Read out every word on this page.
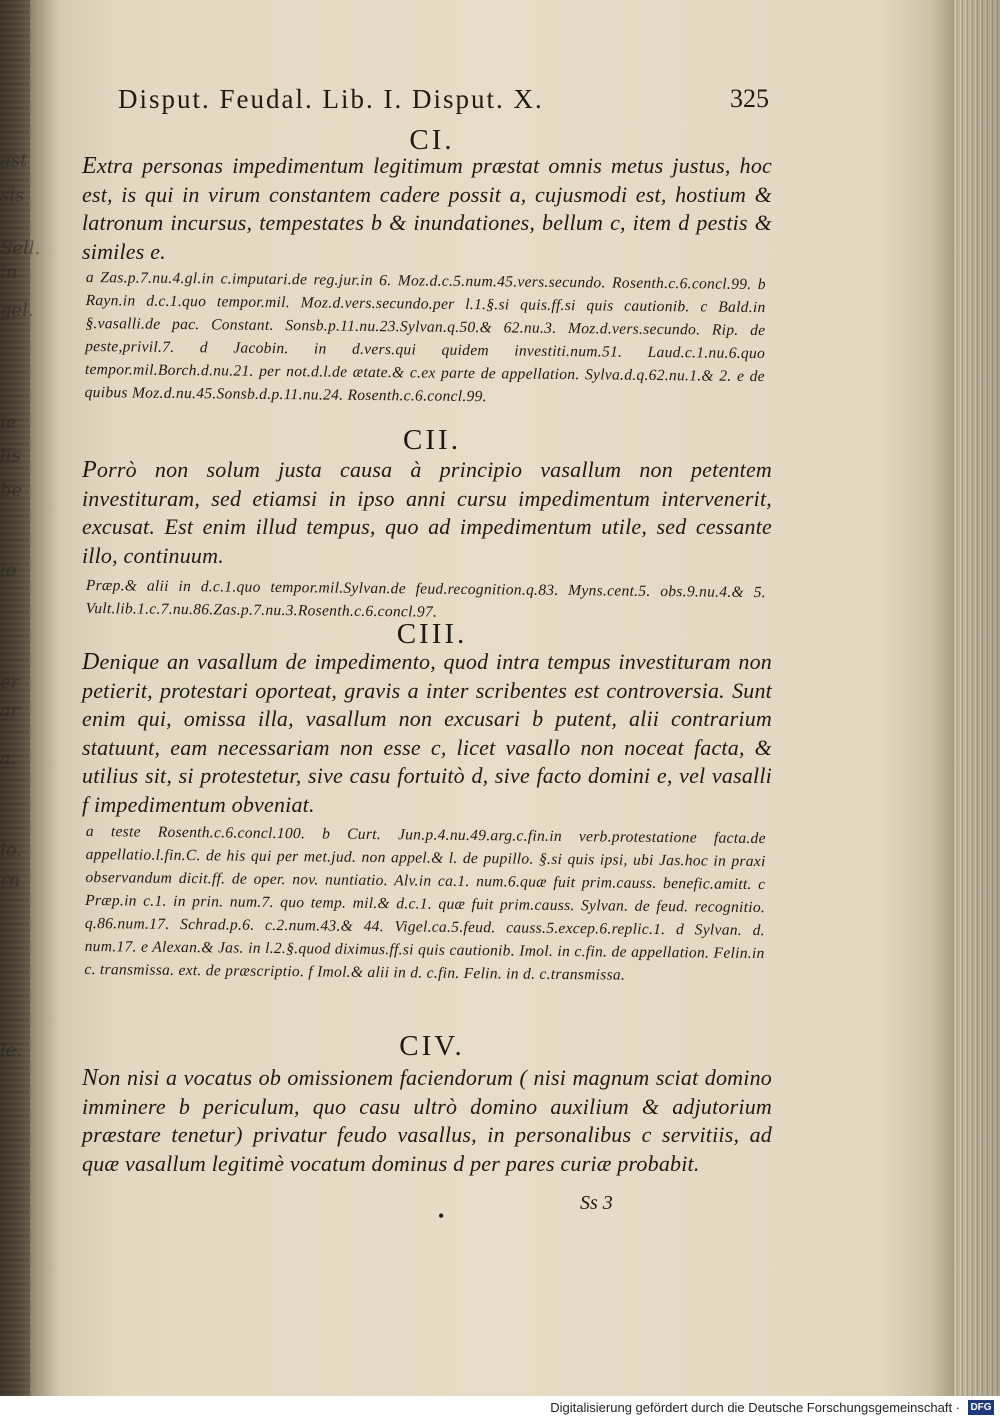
ast
sis
Sell.
in
gel.
ie
lis
be
iø
er
ar
a.
lo.
rn
le.
Disput. Feudal. Lib. I. Disput. X.	325
CI.
Extra personas impedimentum legitimum præstat omnis metus justus, hoc est, is qui in virum constantem cadere possit a, cujusmodi est, hostium & latronum incursus, tempestates b & inundationes, bellum c, item d pestis & similes e.
a Zas.p.7.nu.4.gl.in c.imputari.de reg.jur.in 6. Moz.d.c.5.num.45.vers.secundo. Rosenth.c.6.concl.99. b Rayn.in d.c.1.quo tempor.mil. Moz.d.vers.secundo.per l.1.§.si quis.ff.si quis cautionib. c Bald.in §.vasalli.de pac. Constant. Sonsb.p.11.nu.23.Sylvan.q.50.& 62.nu.3. Moz.d.vers.secundo. Rip. de peste,privil.7. d Jacobin. in d.vers.qui quidem investiti.num.51. Laud.c.1.nu.6.quo tempor.mil.Borch.d.nu.21. per not.d.l.de ætate.& c.ex parte de appellation. Sylva.d.q.62.nu.1.& 2. e de quibus Moz.d.nu.45.Sonsb.d.p.11.nu.24. Rosenth.c.6.concl.99.
CII.
Porrò non solum justa causa à principio vasallum non petentem investituram, sed etiamsi in ipso anni cursu impedimentum intervenerit, excusat. Est enim illud tempus, quo ad impedimentum utile, sed cessante illo, continuum.
Præp.& alii in d.c.1.quo tempor.mil.Sylvan.de feud.recognition.q.83. Myns.cent.5. obs.9.nu.4.& 5. Vult.lib.1.c.7.nu.86.Zas.p.7.nu.3.Rosenth.c.6.concl.97.
CIII.
Denique an vasallum de impedimento, quod intra tempus investituram non petierit, protestari oporteat, gravis a inter scribentes est controversia. Sunt enim qui, omissa illa, vasallum non excusari b putent, alii contrarium statuunt, eam necessariam non esse c, licet vasallo non noceat facta, & utilius sit, si protestetur, sive casu fortuitò d, sive facto domini e, vel vasalli f impedimentum obveniat.
a teste Rosenth.c.6.concl.100. b Curt. Jun.p.4.nu.49.arg.c.fin.in verb.protestatione facta.de appellatio.l.fin.C. de his qui per met.jud. non appel.& l. de pupillo. §.si quis ipsi, ubi Jas.hoc in praxi observandum dicit.ff. de oper. nov. nuntiatio. Alv.in ca.1. num.6.quæ fuit prim.causs. benefic.amitt. c Præp.in c.1. in prin. num.7. quo temp. mil.& d.c.1. quæ fuit prim.causs. Sylvan. de feud. recognitio. q.86.num.17. Schrad.p.6. c.2.num.43.& 44. Vigel.ca.5.feud. causs.5.excep.6.replic.1. d Sylvan. d. num.17. e Alexan.& Jas. in l.2.§.quod diximus.ff.si quis cautionib. Imol. in c.fin. de appellation. Felin.in c. transmissa. ext. de præscriptio. f Imol.& alii in d. c.fin. Felin. in d. c.transmissa.
CIV.
Non nisi a vocatus ob omissionem faciendorum ( nisi magnum sciat domino imminere b periculum, quo casu ultrò domino auxilium & adjutorium præstare tenetur) privatur feudo vasallus, in personalibus c servitiis, ad quæ vasallum legitimè vocatum dominus d per pares curiæ probabit.
•
Ss 3
Digitalisierung gefördert durch die Deutsche Forschungsgemeinschaft · DFG
